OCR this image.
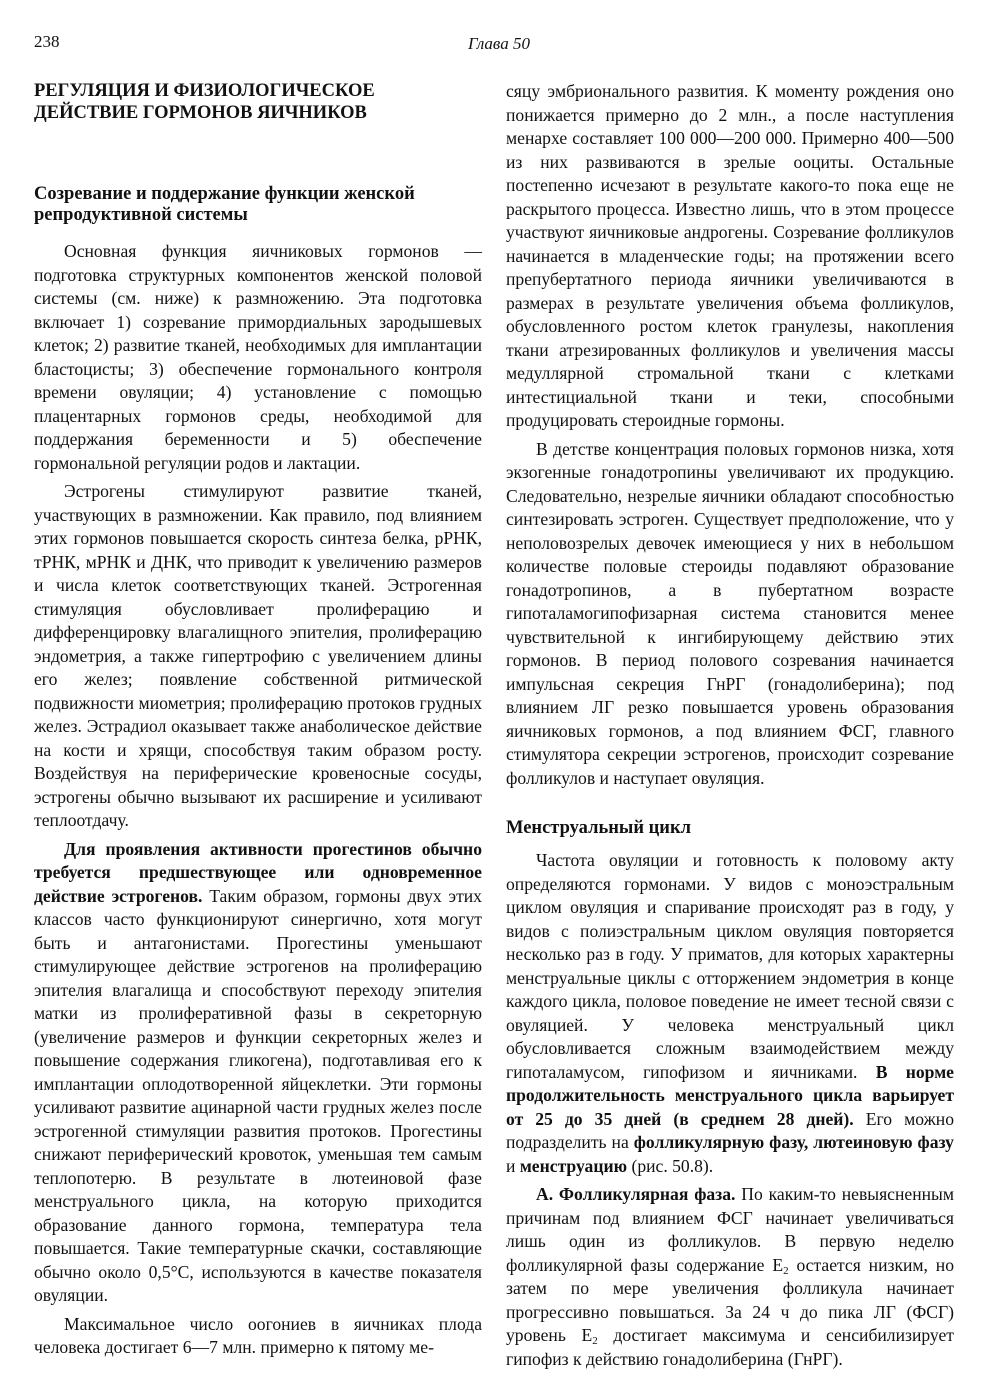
238	Глава 50
РЕГУЛЯЦИЯ И ФИЗИОЛОГИЧЕСКОЕ ДЕЙСТВИЕ ГОРМОНОВ ЯИЧНИКОВ
Созревание и поддержание функции женской репродуктивной системы

Основная функция яичниковых гормонов — подготовка структурных компонентов женской половой системы (см. ниже) к размножению. Эта подготовка включает 1) созревание примордиальных зародышевых клеток; 2) развитие тканей, необходимых для имплантации бластоцисты; 3) обеспечение гормонального контроля времени овуляции; 4) установление с помощью плацентарных гормонов среды, необходимой для поддержания беременности и 5) обеспечение гормональной регуляции родов и лактации.

Эстрогены стимулируют развитие тканей, участвующих в размножении. Как правило, под влиянием этих гормонов повышается скорость синтеза белка, рРНК, тРНК, мРНК и ДНК, что приводит к увеличению размеров и числа клеток соответствующих тканей. Эстрогенная стимуляция обусловливает пролиферацию и дифференцировку влагалищного эпителия, пролиферацию эндометрия, а также гипертрофию с увеличением длины его желез; появление собственной ритмической подвижности миометрия; пролиферацию протоков грудных желез. Эстрадиол оказывает также анаболическое действие на кости и хрящи, способствуя таким образом росту. Воздействуя на периферические кровеносные сосуды, эстрогены обычно вызывают их расширение и усиливают теплоотдачу.

Для проявления активности прогестинов обычно требуется предшествующее или одновременное действие эстрогенов. Таким образом, гормоны двух этих классов часто функционируют синергично, хотя могут быть и антагонистами. Прогестины уменьшают стимулирующее действие эстрогенов на пролиферацию эпителия влагалища и способствуют переходу эпителия матки из пролиферативной фазы в секреторную (увеличение размеров и функции секреторных желез и повышение содержания гликогена), подготавливая его к имплантации оплодотворенной яйцеклетки. Эти гормоны усиливают развитие ацинарной части грудных желез после эстрогенной стимуляции развития протоков. Прогестины снижают периферический кровоток, уменьшая тем самым теплопотерю. В результате в лютеиновой фазе менструального цикла, на которую приходится образование данного гормона, температура тела повышается. Такие температурные скачки, составляющие обычно около 0,5°С, используются в качестве показателя овуляции.

Максимальное число оогониев в яичниках плода человека достигает 6—7 млн. примерно к пятому ме-

сяцу эмбрионального развития. К моменту рождения оно понижается примерно до 2 млн., а после наступления менархе составляет 100 000—200 000. Примерно 400—500 из них развиваются в зрелые ооциты. Остальные постепенно исчезают в результате какого-то пока еще не раскрытого процесса. Известно лишь, что в этом процессе участвуют яичниковые андрогены. Созревание фолликулов начинается в младенческие годы; на протяжении всего препубертатного периода яичники увеличиваются в размерах в результате увеличения объема фолликулов, обусловленного ростом клеток гранулезы, накопления ткани атрезированных фолликулов и увеличения массы медуллярной стромальной ткани с клетками интестициальной ткани и теки, способными продуцировать стероидные гормоны.

В детстве концентрация половых гормонов низка, хотя экзогенные гонадотропины увеличивают их продукцию. Следовательно, незрелые яичники обладают способностью синтезировать эстроген. Существует предположение, что у неполовозрелых девочек имеющиеся у них в небольшом количестве половые стероиды подавляют образование гонадотропинов, а в пубертатном возрасте гипоталамогипофизарная система становится менее чувствительной к ингибирующему действию этих гормонов. В период полового созревания начинается импульсная секреция ГнРГ (гонадолиберина); под влиянием ЛГ резко повышается уровень образования яичниковых гормонов, а под влиянием ФСГ, главного стимулятора секреции эстрогенов, происходит созревание фолликулов и наступает овуляция.

Менструальный цикл

Частота овуляции и готовность к половому акту определяются гормонами. У видов с моноэстральным циклом овуляция и спаривание происходят раз в году, у видов с полиэстральным циклом овуляция повторяется несколько раз в году. У приматов, для которых характерны менструальные циклы с отторжением эндометрия в конце каждого цикла, половое поведение не имеет тесной связи с овуляцией. У человека менструальный цикл обусловливается сложным взаимодействием между гипоталамусом, гипофизом и яичниками. В норме продолжительность менструального цикла варьирует от 25 до 35 дней (в среднем 28 дней). Его можно подразделить на фолликулярную фазу, лютеиновую фазу и менструацию (рис. 50.8).

А. Фолликулярная фаза. По каким-то невыясненным причинам под влиянием ФСГ начинает увеличиваться лишь один из фолликулов. В первую неделю фолликулярной фазы содержание $Е_2$ остается низким, но затем по мере увеличения фолликула начинает прогрессивно повышаться. За 24 ч до пика ЛГ (ФСГ) уровень $Е_2$ достигает максимума и сенсибилизирует гипофиз к действию гонадолиберина (ГнРГ).
